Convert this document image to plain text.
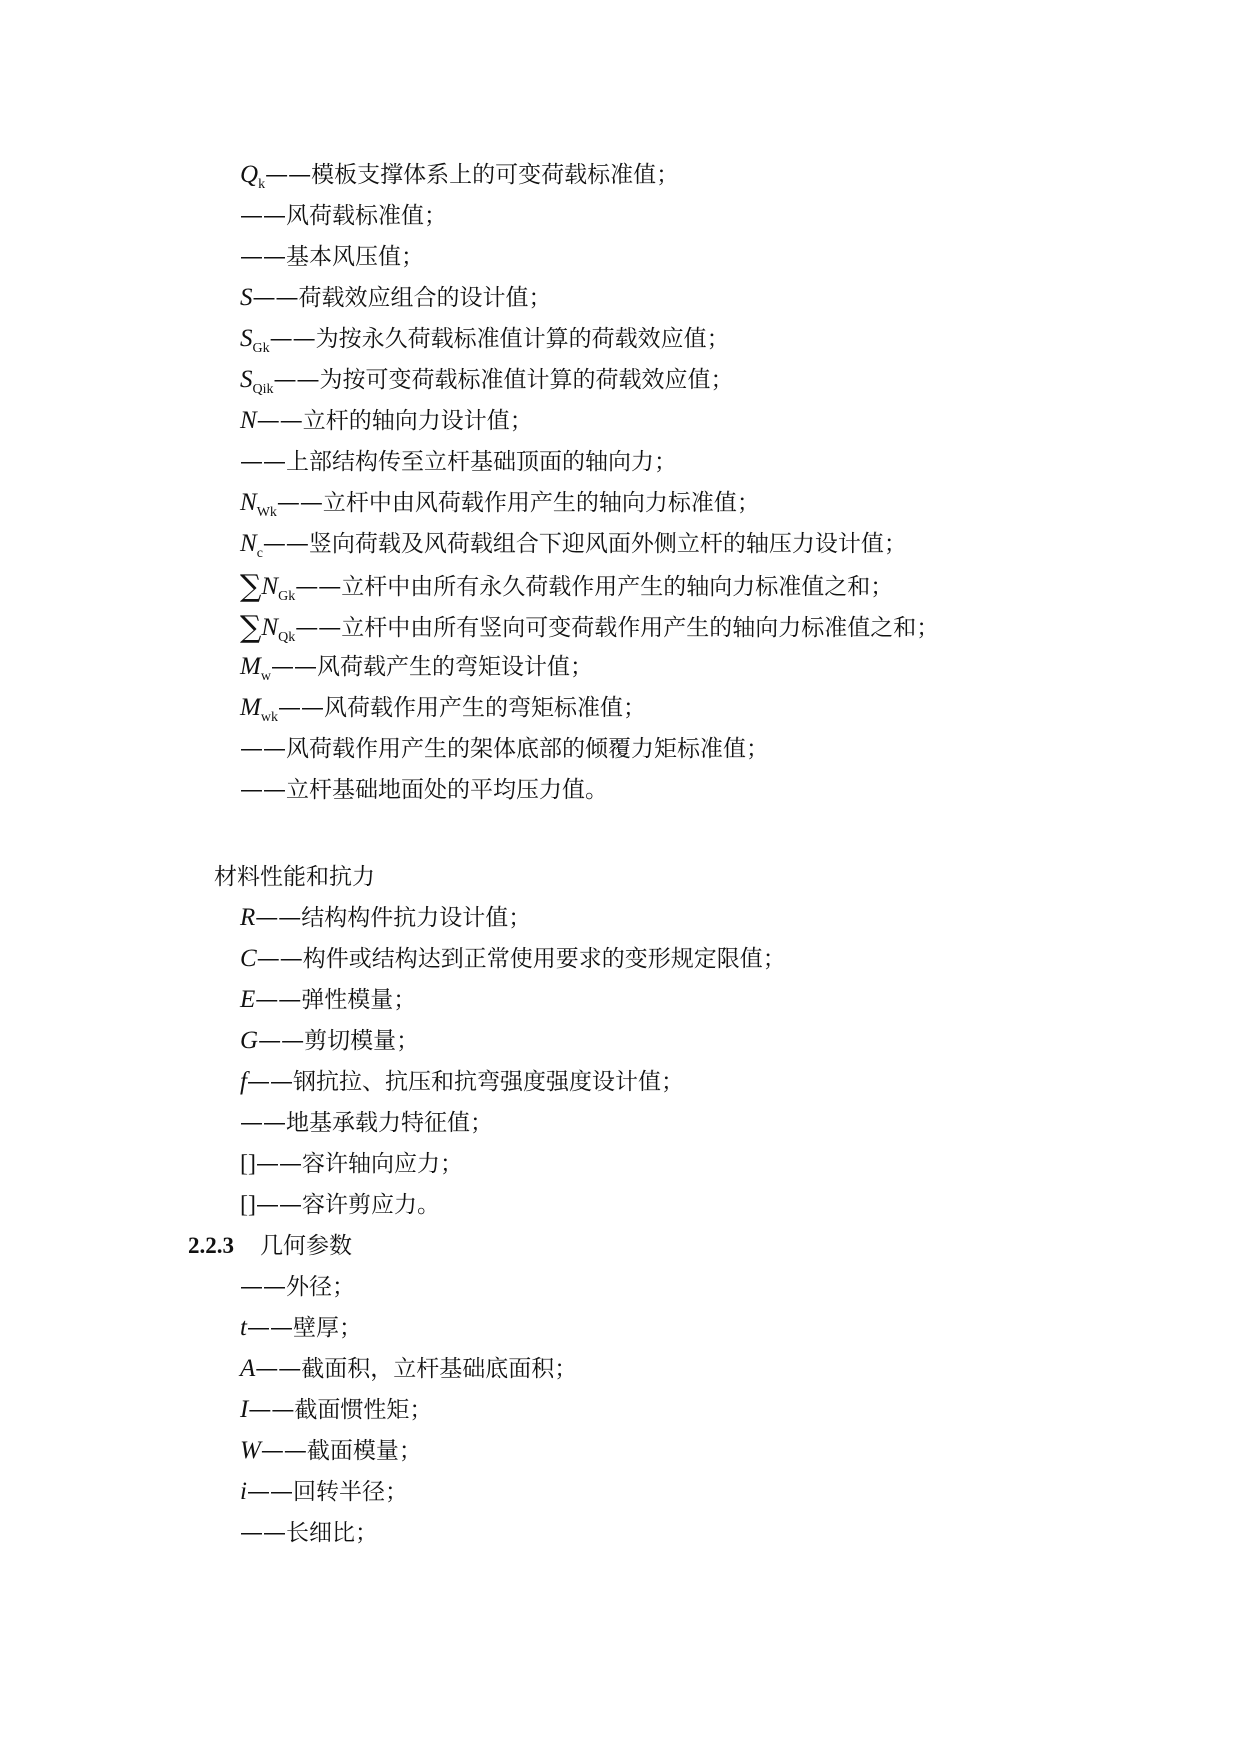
$Q_k——$模板支撑体系上的可变荷载标准值；
——风荷载标准值；
——基本风压值；
S——荷载效应组合的设计值；
$S_{Gk}——$为按永久荷载标准值计算的荷载效应值；
$S_{Qik}——$为按可变荷载标准值计算的荷载效应值；
N——立杆的轴向力设计值；
——上部结构传至立杆基础顶面的轴向力；
$N_{Wk}——$立杆中由风荷载作用产生的轴向力标准值；
$N_c——$竖向荷载及风荷载组合下迎风面外侧立杆的轴压力设计值；
$\sum N_{Gk}——$立杆中由所有永久荷载作用产生的轴向力标准值之和；
$\sum N_{Qk}——$立杆中由所有竖向可变荷载作用产生的轴向力标准值之和；
$M_w——$风荷载产生的弯矩设计值；
$M_{wk}——$风荷载作用产生的弯矩标准值；
——风荷载作用产生的架体底部的倾覆力矩标准值；
——立杆基础地面处的平均压力值。
材料性能和抗力
R——结构构件抗力设计值；
C——构件或结构达到正常使用要求的变形规定限值；
E——弹性模量；
G——剪切模量；
f——钢抗拉、抗压和抗弯强度强度设计值；
——地基承载力特征值；
[]——容许轴向应力；
[]——容许剪应力。
2.2.3 几何参数
——外径；
t——壁厚；
A——截面积，立杆基础底面积；
I——截面惯性矩；
W——截面模量；
i——回转半径；
——长细比；
